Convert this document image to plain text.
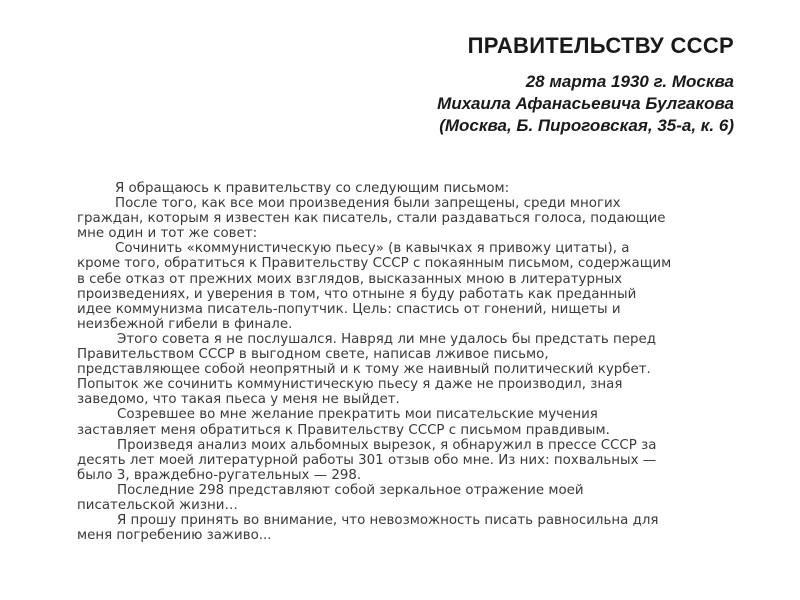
ПРАВИТЕЛЬСТВУ СССР
28 марта 1930 г. Москва
Михаила Афанасьевича Булгакова
(Москва, Б. Пироговская, 35-а, к. 6)

Я обращаюсь к правительству со следующим письмом:

После того, как все мои произведения были запрещены, среди многих
граждан, которым я известен как писатель, стали раздаваться голоса, подающие
мне один и тот же совет:

Сочинить «коммунистическую пьесу» (в кавычках я привожу цитаты), а
кроме того, обратиться к Правительству СССР с покаянным письмом, содержащим
в себе отказ от прежних моих взглядов, высказанных мною в литературных
произведениях, и уверения в том, что отныне я буду работать как преданный
идее коммунизма писатель-попутчик. Цель: спастись от гонений, нищеты и
неизбежной гибели в финале.

Этого совета я не послушался. Навряд ли мне удалось бы предстать перед
Правительством СССР в выгодном свете, написав лживое письмо,
представляющее собой неопрятный и к тому же наивный политический курбет.
Попыток же сочинить коммунистическую пьесу я даже не производил, зная
заведомо, что такая пьеса у меня не выйдет.

Созревшее во мне желание прекратить мои писательские мучения
заставляет меня обратиться к Правительству СССР с письмом правдивым.

Произведя анализ моих альбомных вырезок, я обнаружил в прессе СССР за
десять лет моей литературной работы 301 отзыв обо мне. Из них: похвальных —
было 3, враждебно-ругательных — 298.

Последние 298 представляют собой зеркальное отражение моей
писательской жизни…

Я прошу принять во внимание, что невозможность писать равносильна для
меня погребению заживо...
